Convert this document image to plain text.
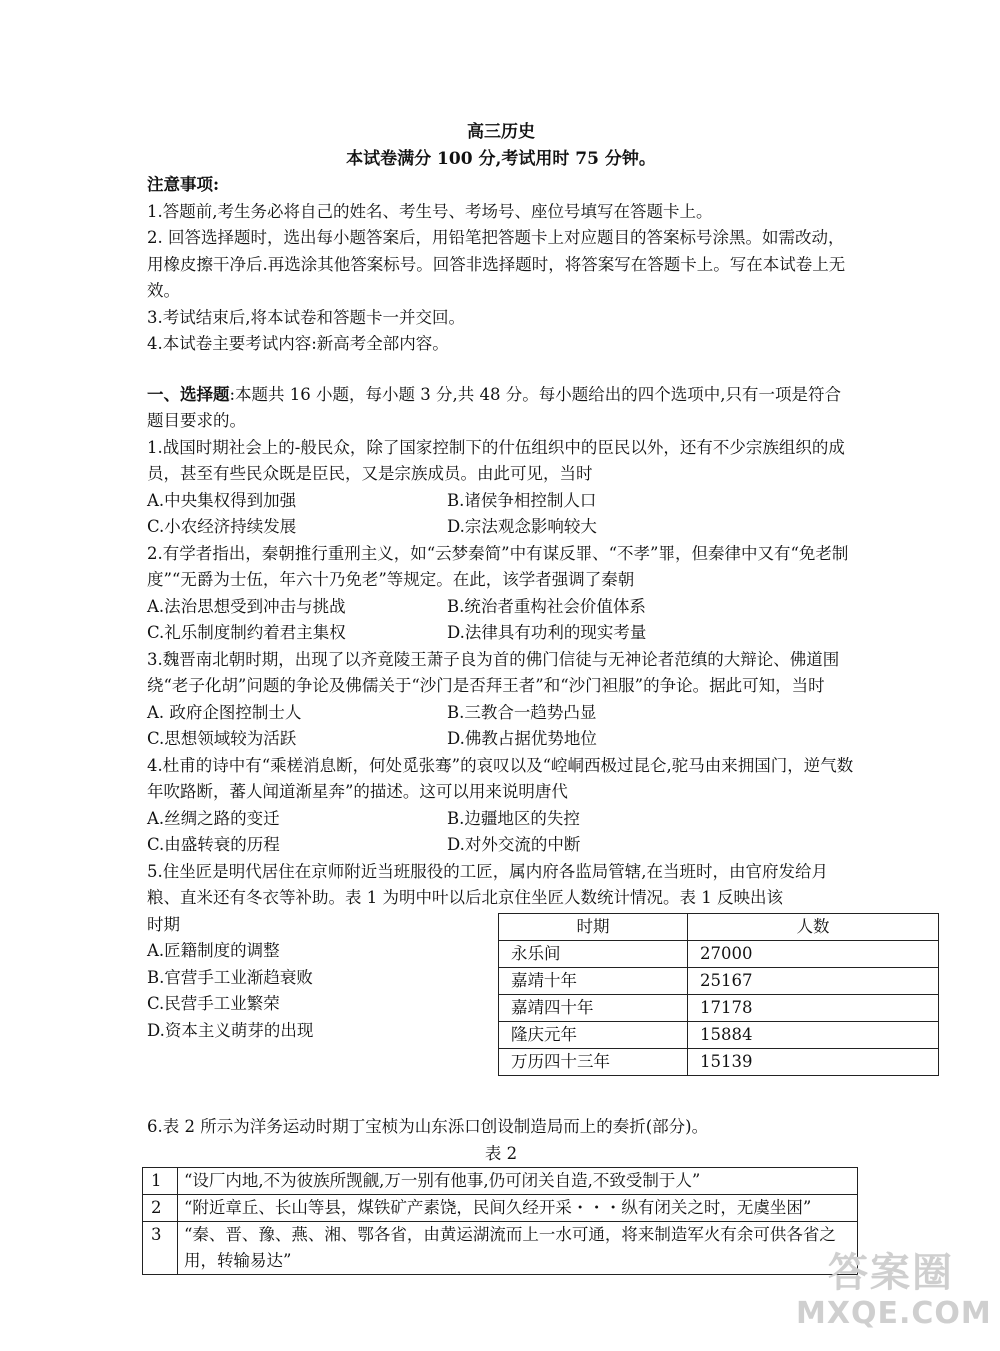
高三历史

本试卷满分 100 分,考试用时 75 分钟。

注意事项:

1.答题前,考生务必将自己的姓名、考生号、考场号、座位号填写在答题卡上。

2. 回答选择题时，选出每小题答案后，用铅笔把答题卡上对应题目的答案标号涂黑。如需改动，用橡皮擦干净后.再选涂其他答案标号。回答非选择题时，将答案写在答题卡上。写在本试卷上无效。

3.考试结束后,将本试卷和答题卡一并交回。

4.本试卷主要考试内容:新高考全部内容。

一、选择题:本题共 16 小题，每小题 3 分,共 48 分。每小题给出的四个选项中,只有一项是符合题目要求的。

1.战国时期社会上的-般民众，除了国家控制下的什伍组织中的臣民以外，还有不少宗族组织的成员，甚至有些民众既是臣民，又是宗族成员。由此可见，当时

A.中央集权得到加强	B.诸侯争相控制人口
C.小农经济持续发展	D.宗法观念影响较大

2.有学者指出，秦朝推行重刑主义，如“云梦秦简”中有谋反罪、“不孝”罪，但秦律中又有“免老制度”“无爵为士伍，年六十乃免老”等规定。在此，该学者强调了秦朝

A.法治思想受到冲击与挑战	B.统治者重构社会价值体系
C.礼乐制度制约着君主集权	D.法律具有功利的现实考量

3.魏晋南北朝时期，出现了以齐竟陵王萧子良为首的佛门信徒与无神论者范缜的大辩论、佛道围绕“老子化胡”问题的争论及佛儒关于“沙门是否拜王者”和“沙门袒服”的争论。据此可知，当时

A. 政府企图控制士人	B.三教合一趋势凸显
C.思想领域较为活跃	D.佛教占据优势地位

4.杜甫的诗中有“乘槎消息断，何处觅张骞”的哀叹以及“崆峒西极过昆仑,驼马由来拥国门，逆气数年吹路断，蕃人闻道渐星奔”的描述。这可以用来说明唐代

A.丝绸之路的变迁	B.边疆地区的失控
C.由盛转衰的历程	D.对外交流的中断

5.住坐匠是明代居住在京师附近当班服役的工匠，属内府各监局管辖,在当班时，由官府发给月粮、直米还有冬衣等补助。表 1 为明中叶以后北京住坐匠人数统计情况。表 1 反映出该

时期

A.匠籍制度的调整

B.官营手工业渐趋衰败

C.民营手工业繁荣

D.资本主义萌芽的出现

时期	人数
永乐间	27000
嘉靖十年	25167
嘉靖四十年	17178
隆庆元年	15884
万历四十三年	15139

6.表 2 所示为洋务运动时期丁宝桢为山东泺口创设制造局而上的奏折(部分)。

表 2

1	“设厂内地,不为彼族所觊觎,万一别有他事,仍可闭关自造,不致受制于人”
2	“附近章丘、长山等县，煤铁矿产素饶，民间久经开采・・・纵有闭关之时，无虞坐困”
3	“秦、晋、豫、燕、湘、鄂各省，由黄运湖流而上一水可通，将来制造军火有余可供各省之用，转输易达”	答案圈
MXQE.COM
